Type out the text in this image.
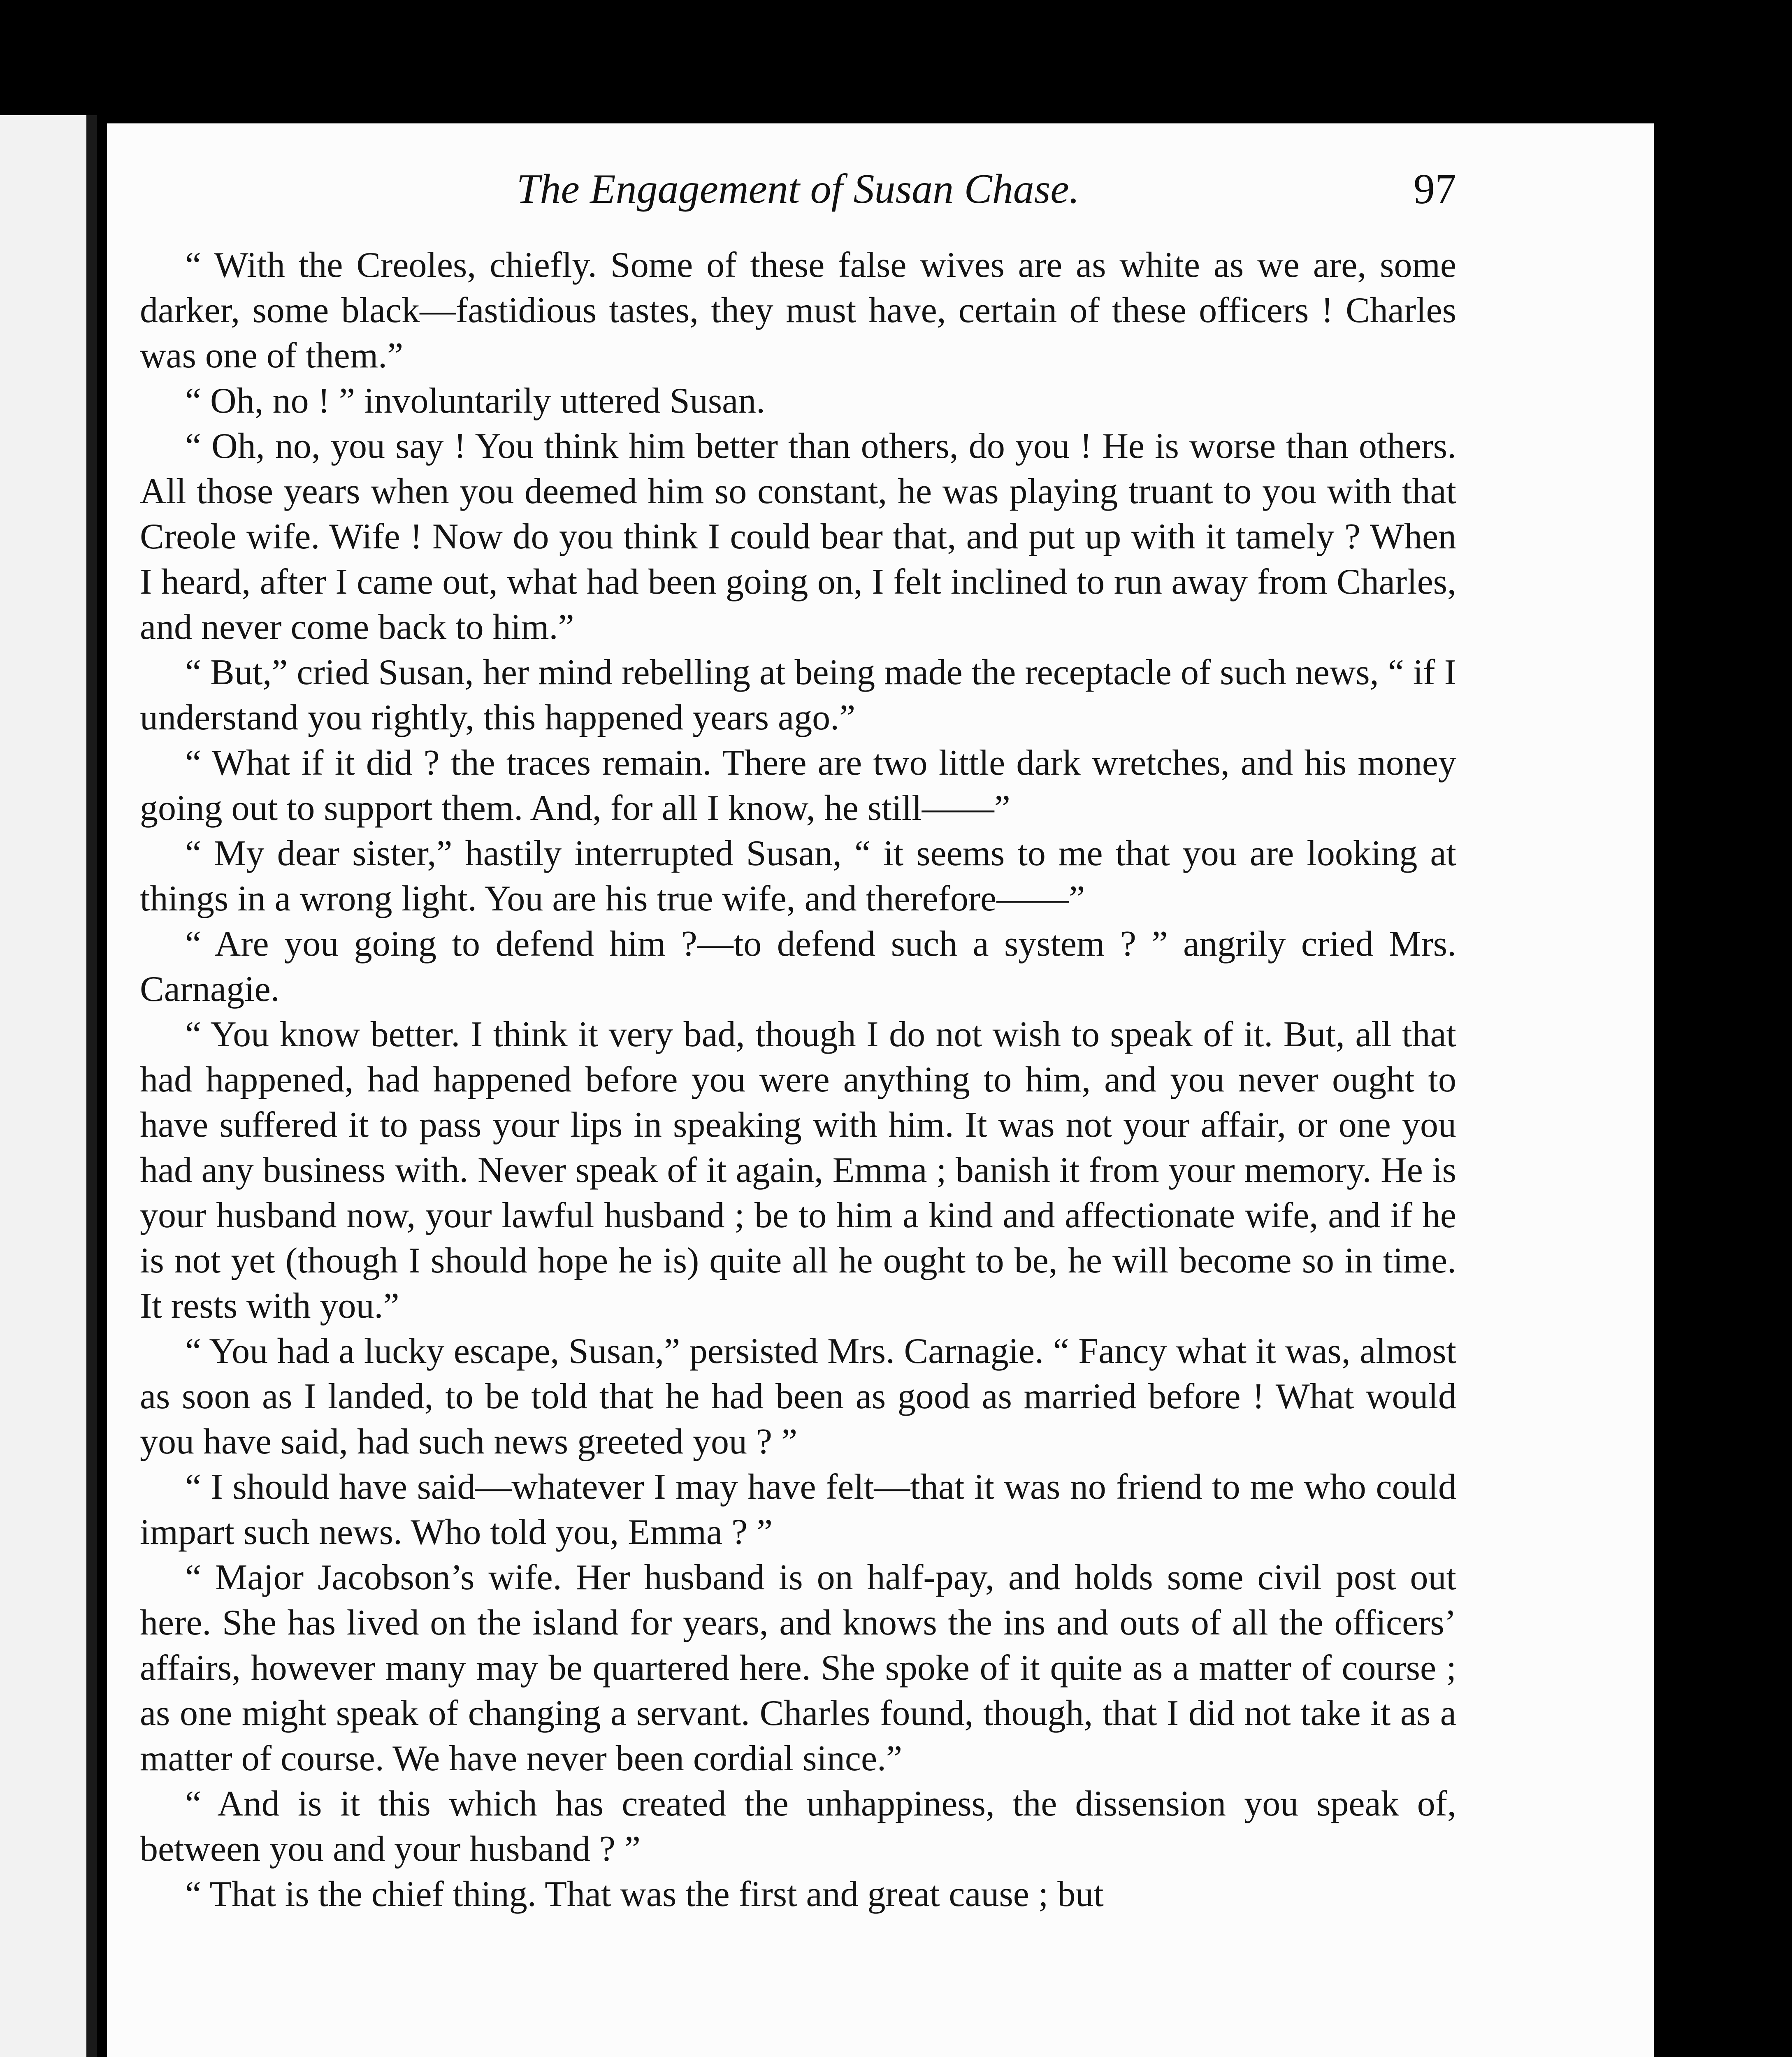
The Engagement of Susan Chase.	97

“ With the Creoles, chiefly. Some of these false wives are as white as we are, some darker, some black—fastidious tastes, they must have, certain of these officers ! Charles was one of them.”

“ Oh, no ! ” involuntarily uttered Susan.

“ Oh, no, you say ! You think him better than others, do you ! He is worse than others. All those years when you deemed him so constant, he was playing truant to you with that Creole wife. Wife ! Now do you think I could bear that, and put up with it tamely ? When I heard, after I came out, what had been going on, I felt inclined to run away from Charles, and never come back to him.”

“ But,” cried Susan, her mind rebelling at being made the receptacle of such news, “ if I understand you rightly, this happened years ago.”

“ What if it did ? the traces remain. There are two little dark wretches, and his money going out to support them. And, for all I know, he still——”

“ My dear sister,” hastily interrupted Susan, “ it seems to me that you are looking at things in a wrong light. You are his true wife, and therefore——”

“ Are you going to defend him ?—to defend such a system ? ” angrily cried Mrs. Carnagie.

“ You know better. I think it very bad, though I do not wish to speak of it. But, all that had happened, had happened before you were anything to him, and you never ought to have suffered it to pass your lips in speaking with him. It was not your affair, or one you had any business with. Never speak of it again, Emma ; banish it from your memory. He is your husband now, your lawful husband ; be to him a kind and affectionate wife, and if he is not yet (though I should hope he is) quite all he ought to be, he will become so in time. It rests with you.”

“ You had a lucky escape, Susan,” persisted Mrs. Carnagie. “ Fancy what it was, almost as soon as I landed, to be told that he had been as good as married before ! What would you have said, had such news greeted you ? ”

“ I should have said—whatever I may have felt—that it was no friend to me who could impart such news. Who told you, Emma ? ”

“ Major Jacobson’s wife. Her husband is on half-pay, and holds some civil post out here. She has lived on the island for years, and knows the ins and outs of all the officers’ affairs, however many may be quartered here. She spoke of it quite as a matter of course ; as one might speak of changing a servant. Charles found, though, that I did not take it as a matter of course. We have never been cordial since.”

“ And is it this which has created the unhappiness, the dissension you speak of, between you and your husband ? ”

“ That is the chief thing. That was the first and great cause ; but
